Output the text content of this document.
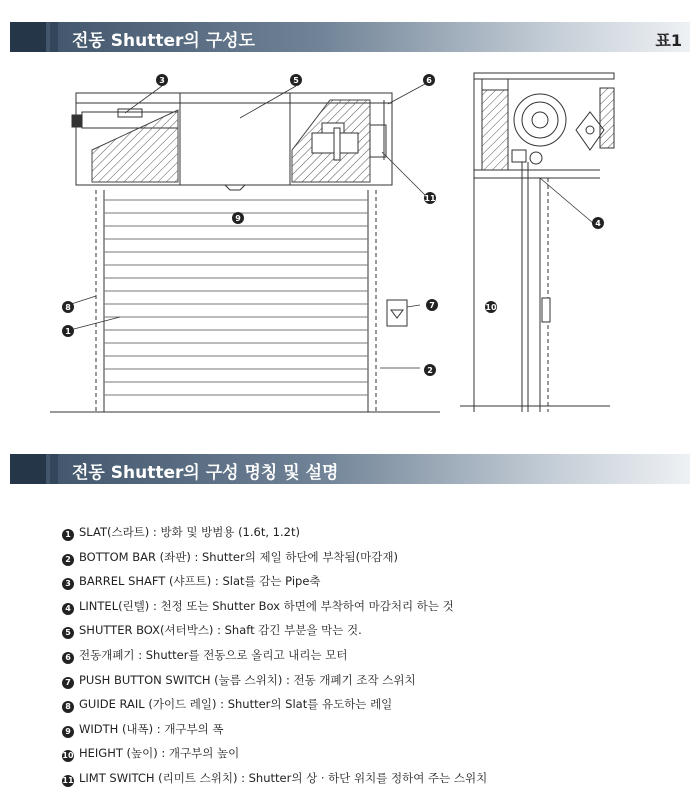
전동 Shutter의 구성도	표1
3	5	6
11
9
8
1
7
2
4
10
전동 Shutter의 구성 명칭 및 설명
1 SLAT(스라트) : 방화 및 방범용 (1.6t, 1.2t)
2 BOTTOM BAR (좌판) : Shutter의 제일 하단에 부착됨(마감재)
3 BARREL SHAFT (샤프트) : Slat를 감는 Pipe축
4 LINTEL(린텔) : 천정 또는 Shutter Box 하면에 부착하여 마감처리 하는 것
5 SHUTTER BOX(셔터박스) : Shaft 감긴 부분을 막는 것.
6 전동개폐기 : Shutter를 전동으로 올리고 내리는 모터
7 PUSH BUTTON SWITCH (눌름 스위치) : 전동 개폐기 조작 스위치
8 GUIDE RAIL (가이드 레일) : Shutter의 Slat를 유도하는 레일
9 WIDTH (내폭) : 개구부의 폭
10 HEIGHT (높이) : 개구부의 높이
11 LIMT SWITCH (리미트 스위치) : Shutter의 상 · 하단 위치를 정하여 주는 스위치
